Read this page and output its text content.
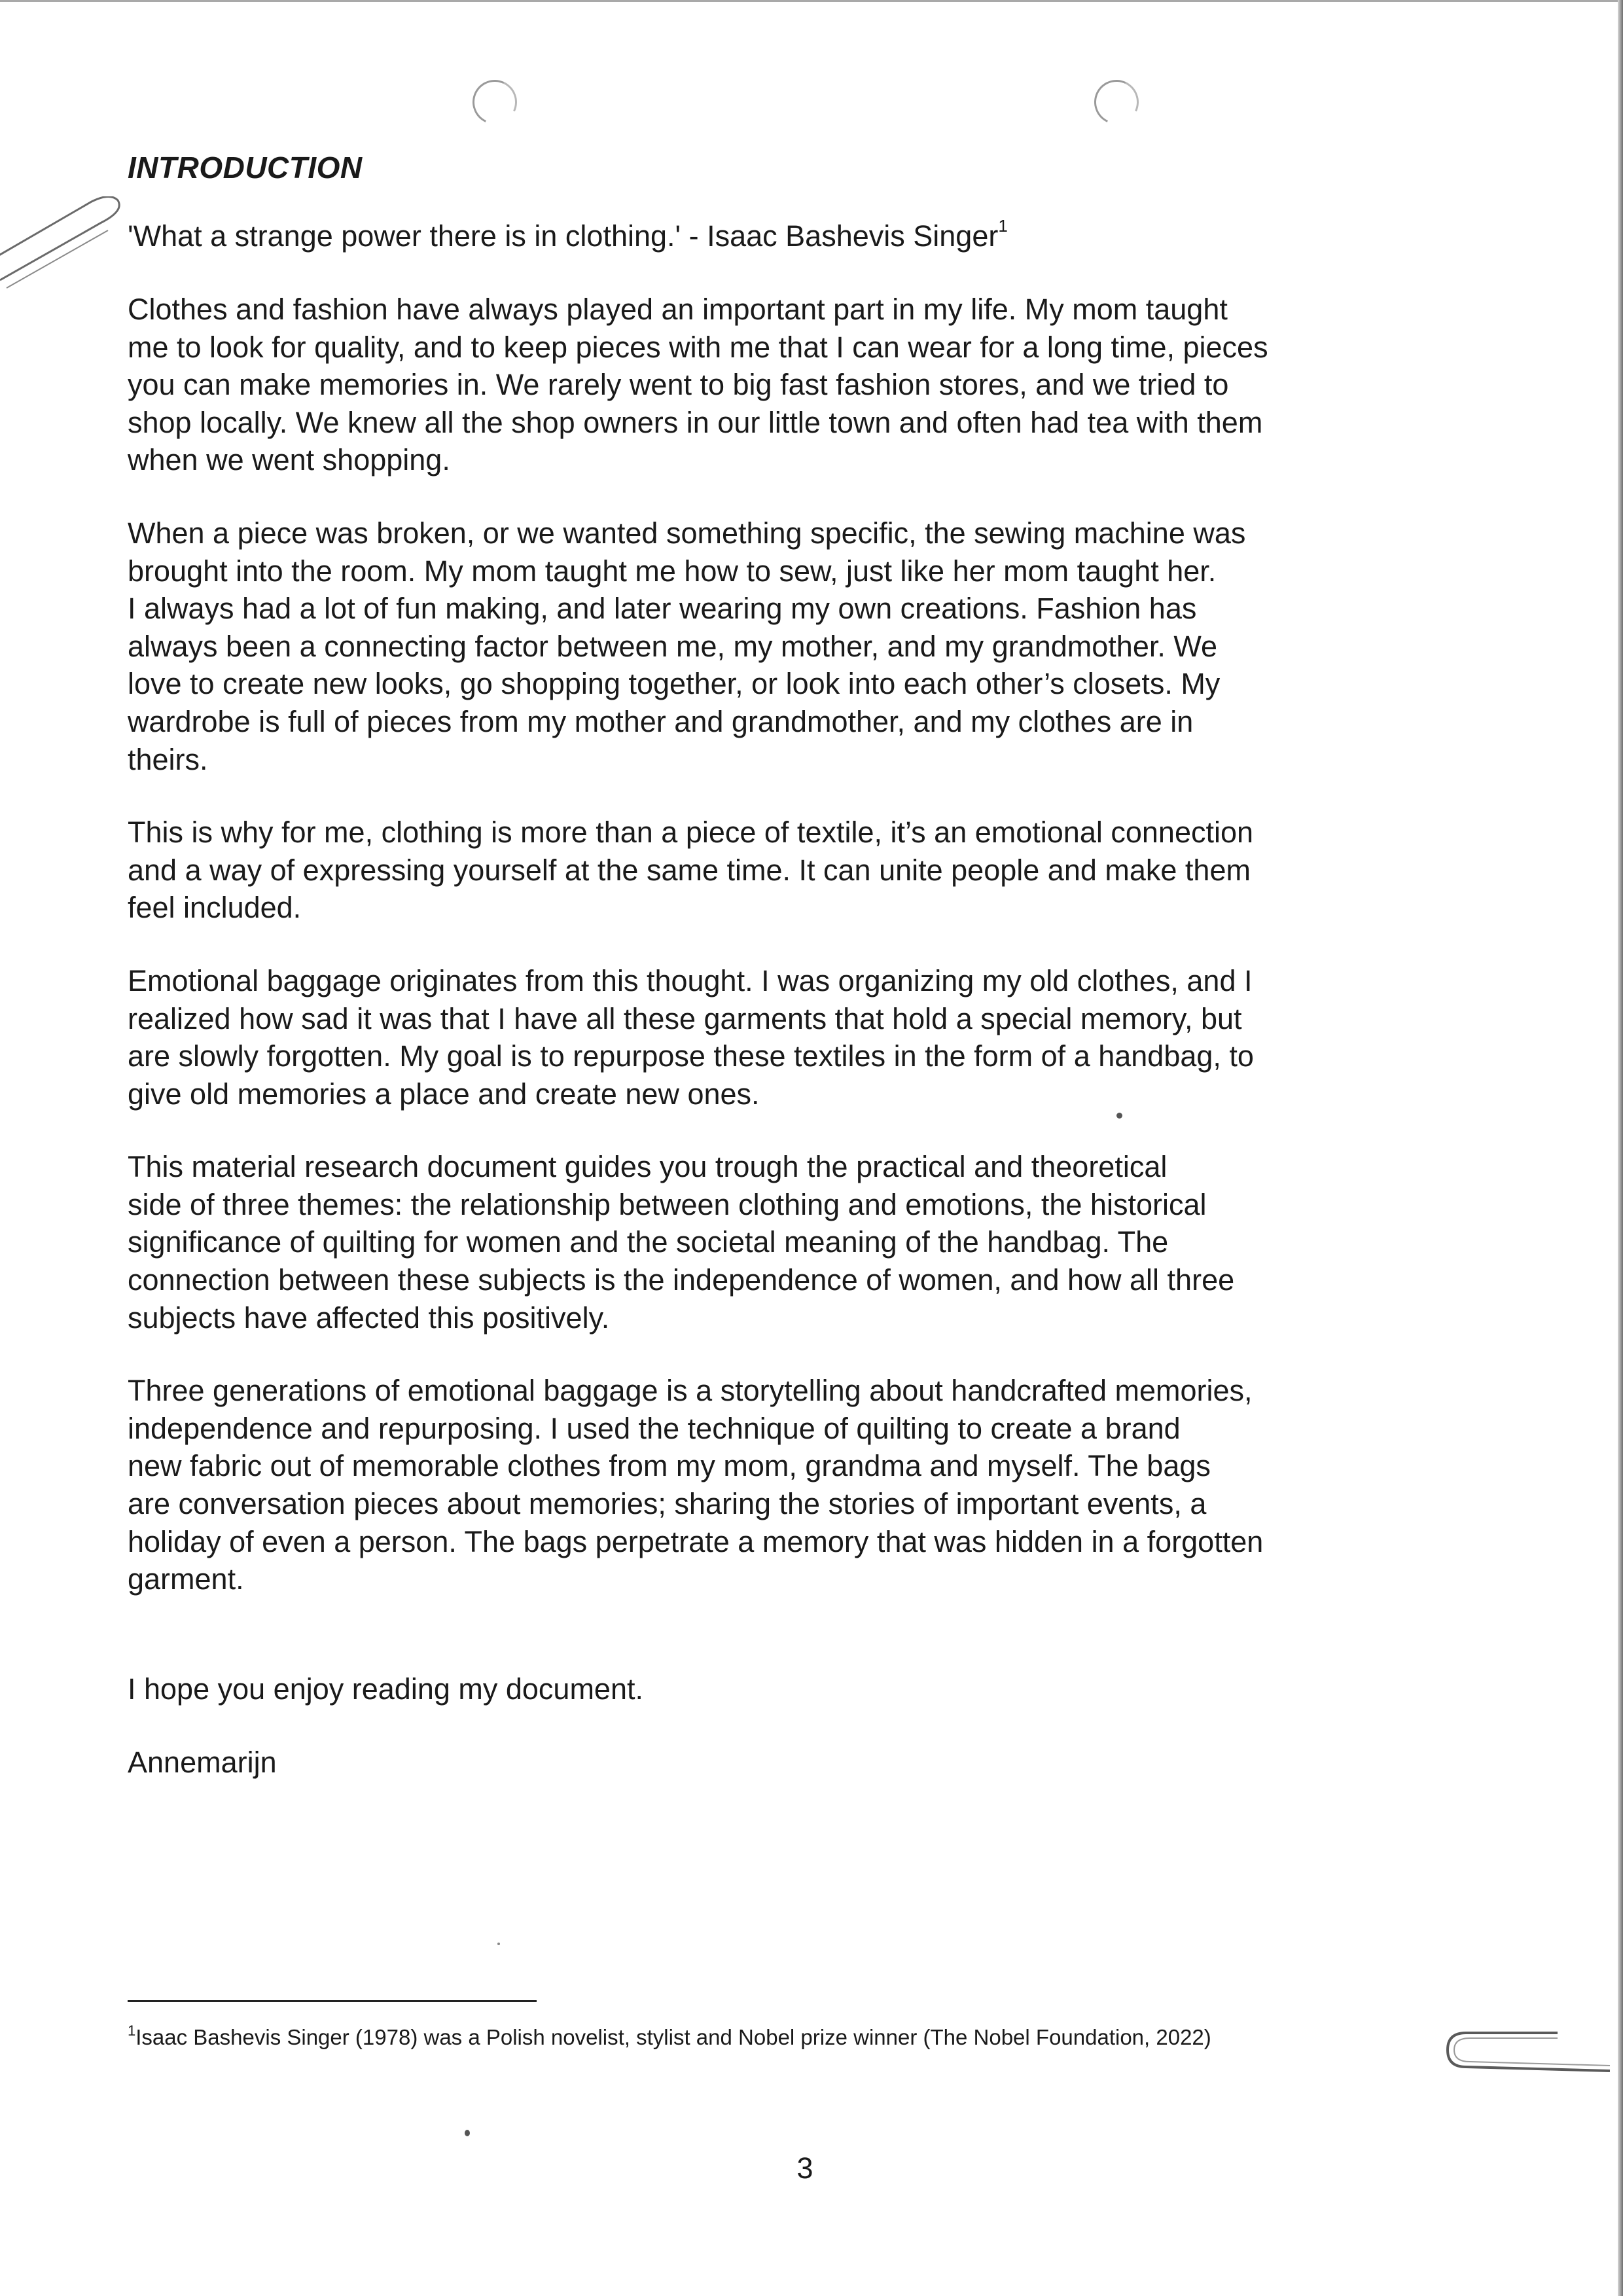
INTRODUCTION
'What a strange power there is in clothing.' - Isaac Bashevis Singer$^1$
Clothes and fashion have always played an important part in my life. My mom taught
me to look for quality, and to keep pieces with me that I can wear for a long time, pieces
you can make memories in. We rarely went to big fast fashion stores, and we tried to
shop locally. We knew all the shop owners in our little town and often had tea with them
when we went shopping.
When a piece was broken, or we wanted something specific, the sewing machine was
brought into the room. My mom taught me how to sew, just like her mom taught her.
I always had a lot of fun making, and later wearing my own creations. Fashion has
always been a connecting factor between me, my mother, and my grandmother. We
love to create new looks, go shopping together, or look into each other’s closets. My
wardrobe is full of pieces from my mother and grandmother, and my clothes are in
theirs.
This is why for me, clothing is more than a piece of textile, it’s an emotional connection
and a way of expressing yourself at the same time. It can unite people and make them
feel included.
Emotional baggage originates from this thought. I was organizing my old clothes, and I
realized how sad it was that I have all these garments that hold a special memory, but
are slowly forgotten. My goal is to repurpose these textiles in the form of a handbag, to
give old memories a place and create new ones.
This material research document guides you trough the practical and theoretical
side of three themes: the relationship between clothing and emotions, the historical
significance of quilting for women and the societal meaning of the handbag. The
connection between these subjects is the independence of women, and how all three
subjects have affected this positively.
Three generations of emotional baggage is a storytelling about handcrafted memories,
independence and repurposing. I used the technique of quilting to create a brand
new fabric out of memorable clothes from my mom, grandma and myself. The bags
are conversation pieces about memories; sharing the stories of important events, a
holiday of even a person. The bags perpetrate a memory that was hidden in a forgotten
garment.
I hope you enjoy reading my document.
Annemarijn
$^1$Isaac Bashevis Singer (1978) was a Polish novelist, stylist and Nobel prize winner (The Nobel Foundation, 2022)
3
